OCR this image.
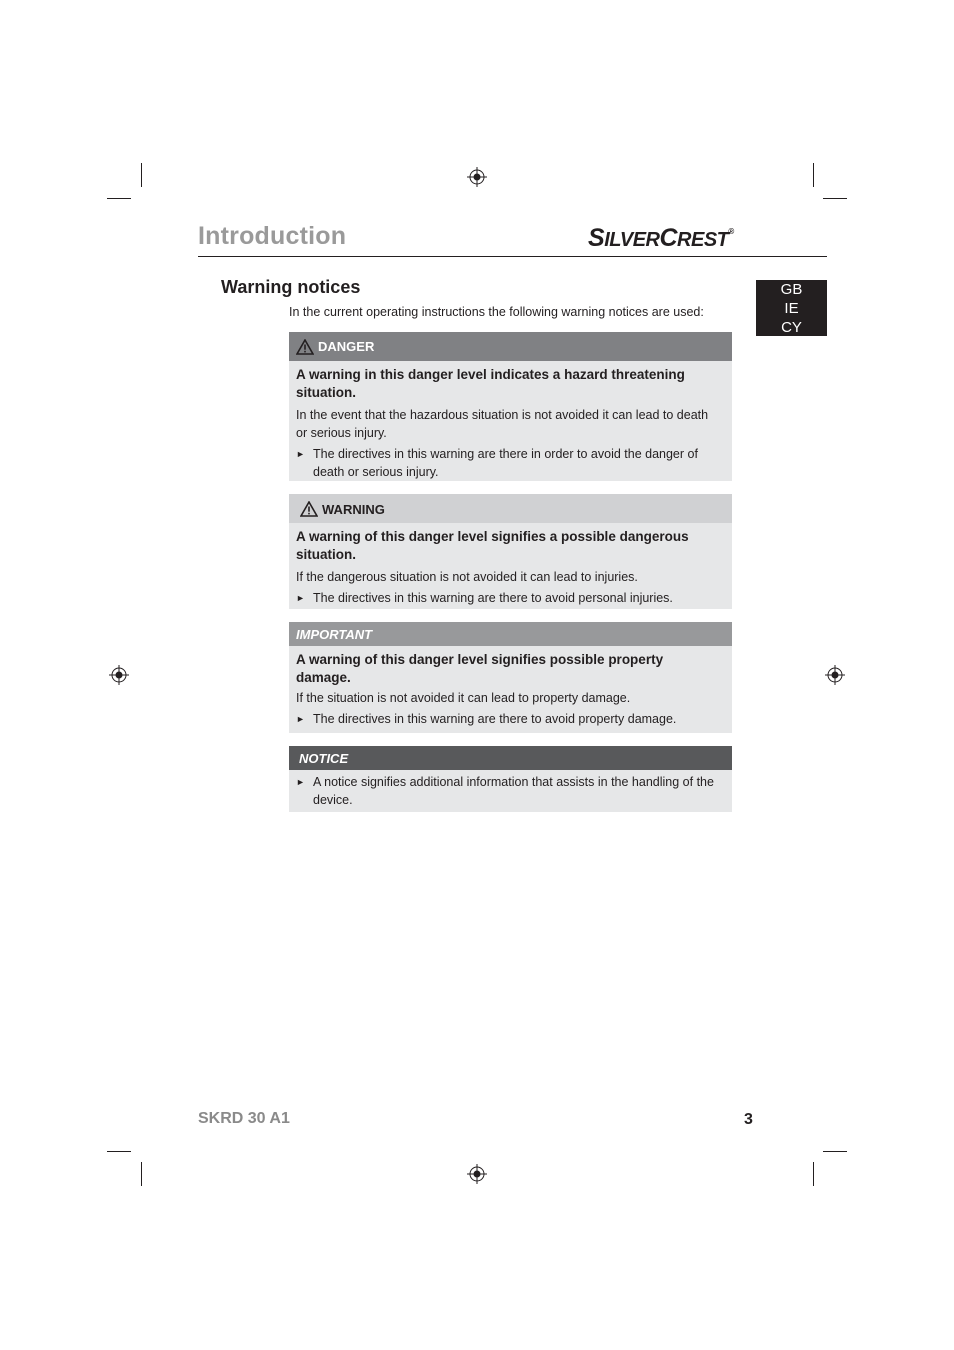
Introduction	SILVERCREST®
GB
IE
CY
Warning notices
In the current operating instructions the following warning notices are used:
DANGER
A warning in this danger level indicates a hazard threatening situation.

In the event that the hazardous situation is not avoided it can lead to death or serious injury.

► The directives in this warning are there in order to avoid the danger of death or serious injury.
WARNING
A warning of this danger level signifies a possible dangerous situation.

If the dangerous situation is not avoided it can lead to injuries.

► The directives in this warning are there to avoid personal injuries.
IMPORTANT
A warning of this danger level signifies possible property damage.

If the situation is not avoided it can lead to property damage.

► The directives in this warning are there to avoid property damage.
NOTICE
► A notice signifies additional information that assists in the handling of the device.
SKRD 30 A1	3
